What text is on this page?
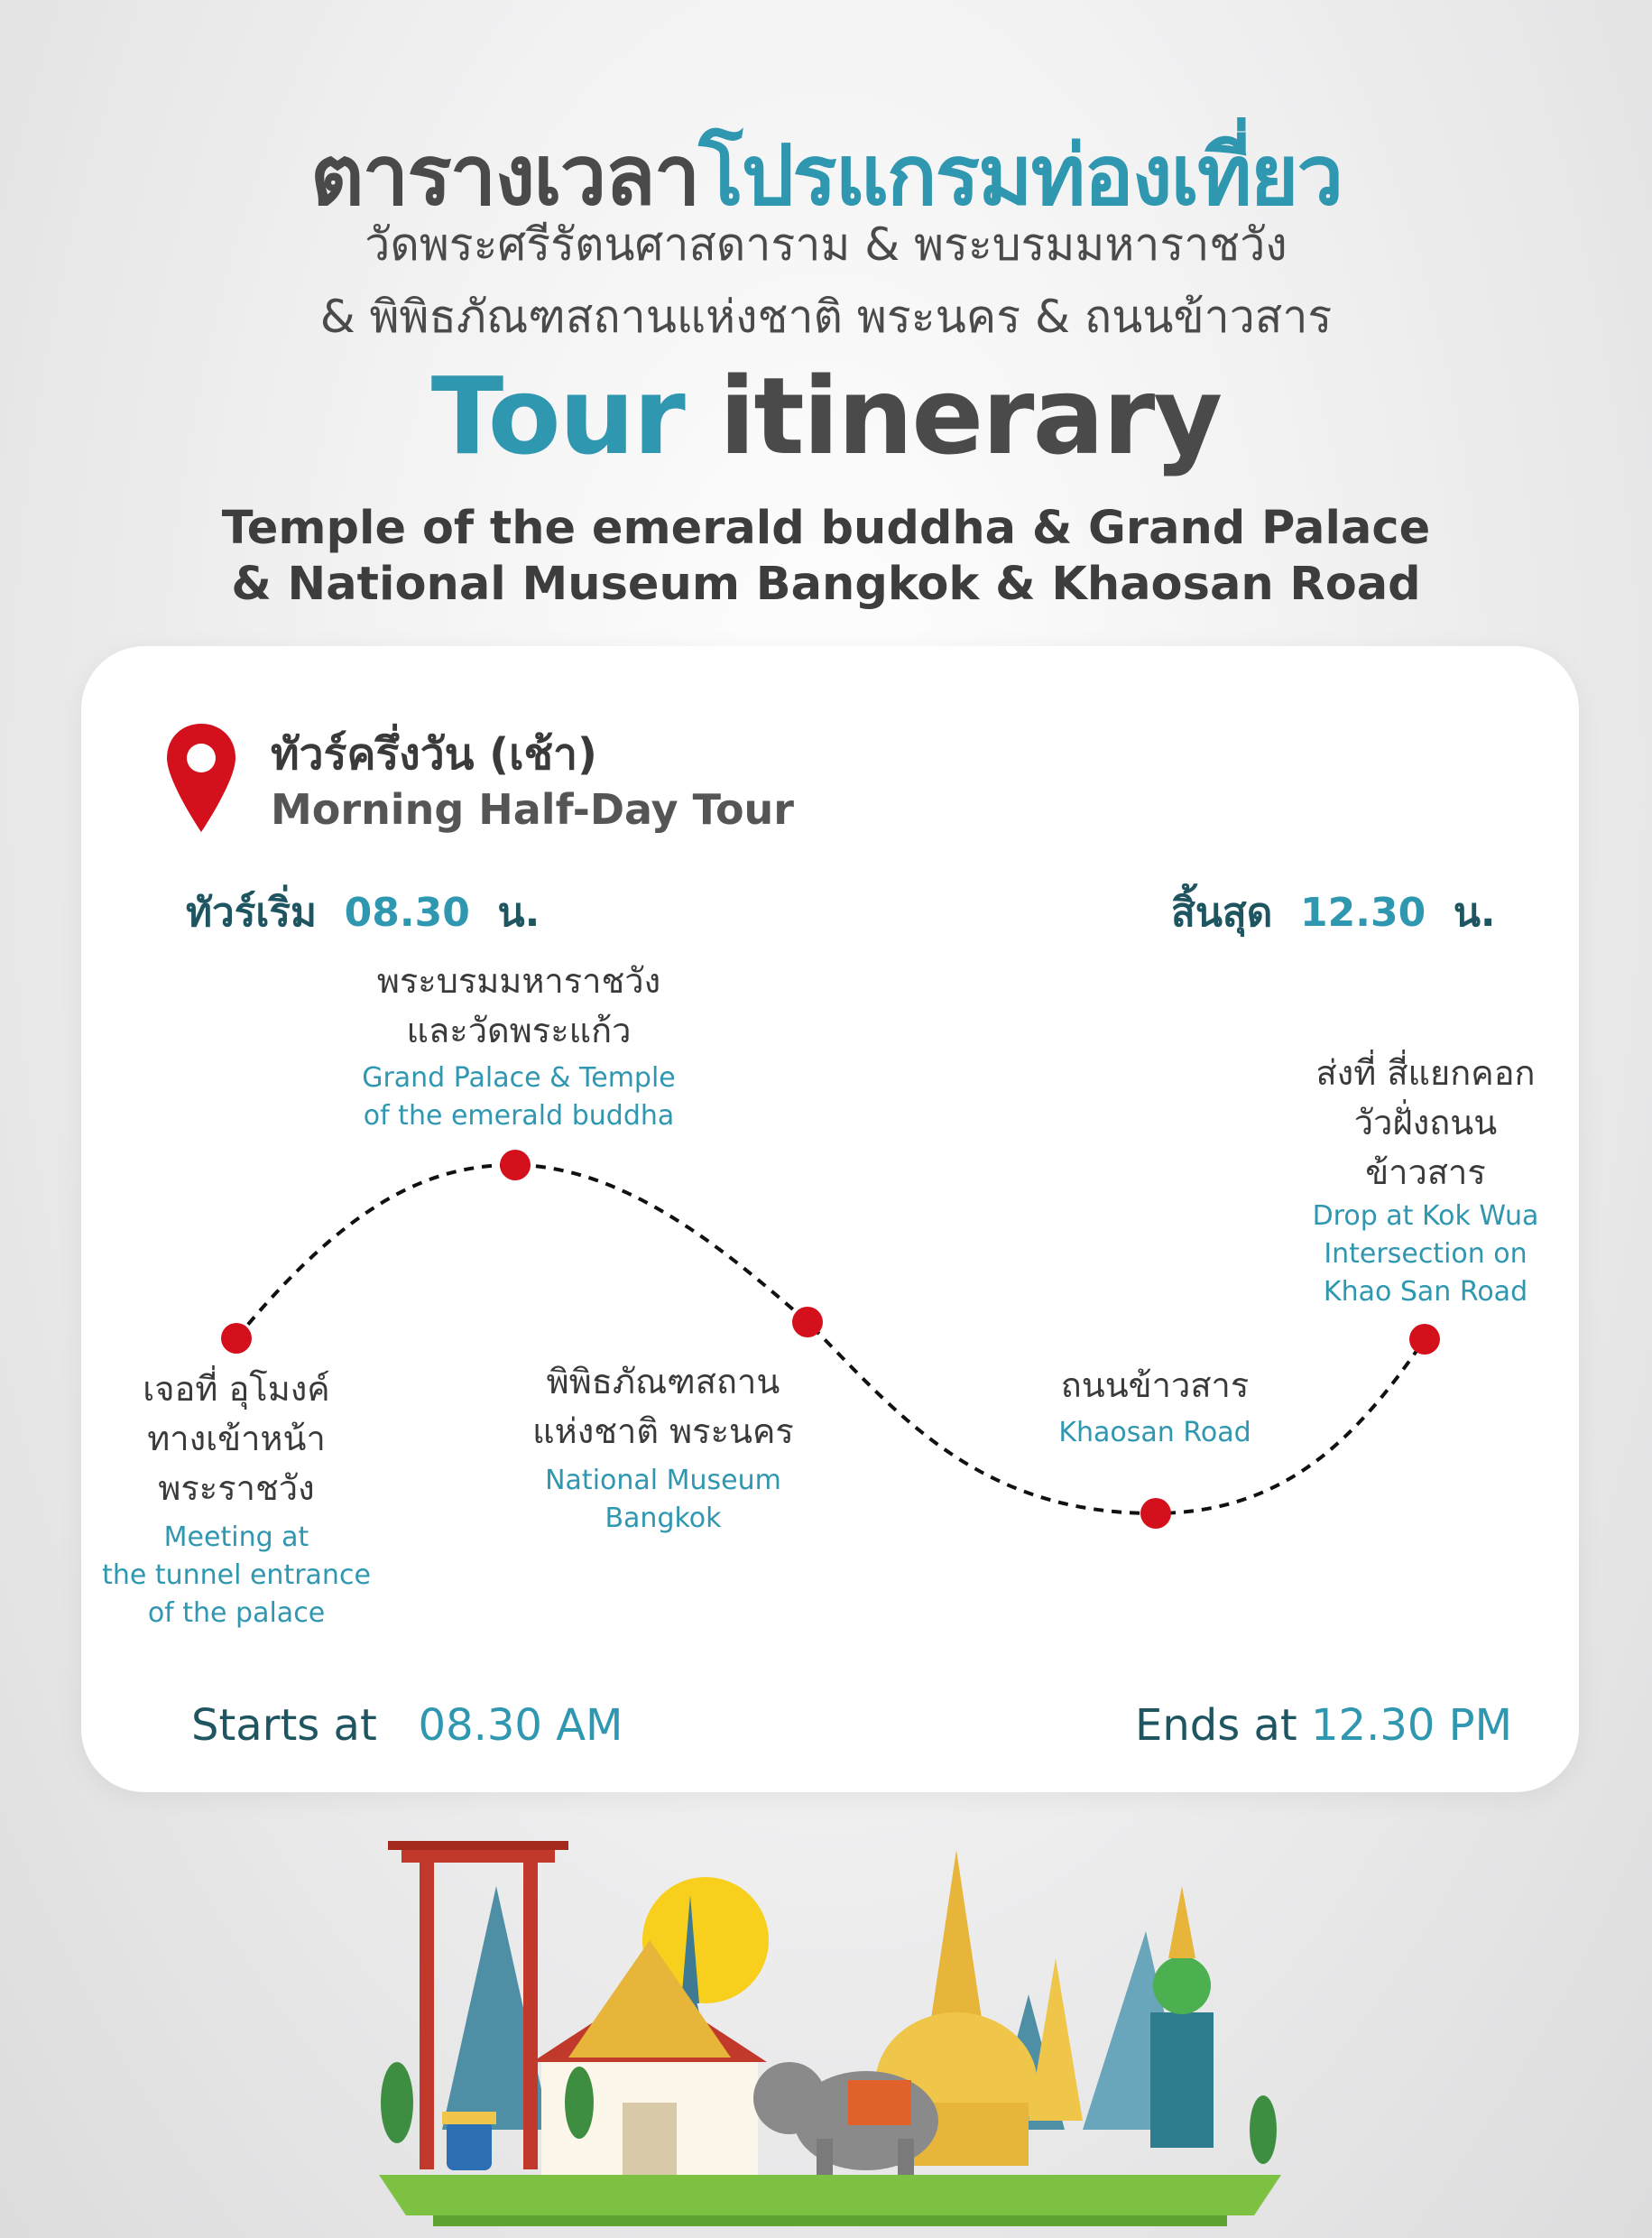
ตารางเวลาโปรแกรมท่องเที่ยว
วัดพระศรีรัตนศาสดาราม & พระบรมมหาราชวัง
& พิพิธภัณฑสถานแห่งชาติ พระนคร & ถนนข้าวสาร
Tour itinerary
Temple of the emerald buddha & Grand Palace
& National Museum Bangkok & Khaosan Road
ทัวร์ครึ่งวัน (เช้า)
Morning Half-Day Tour
ทัวร์เริ่ม 08.30 น.	สิ้นสุด 12.30 น.
เจอที่ อุโมงค์
ทางเข้าหน้า
พระราชวัง
Meeting at
the tunnel entrance
of the palace
พระบรมมหาราชวัง
และวัดพระแก้ว
Grand Palace & Temple
of the emerald buddha
พิพิธภัณฑสถาน
แห่งชาติ พระนคร
National Museum
Bangkok
ถนนข้าวสาร
Khaosan Road
ส่งที่ สี่แยกคอก
วัวฝั่งถนน
ข้าวสาร
Drop at Kok Wua
Intersection on
Khao San Road
Starts at 08.30 AM	Ends at 12.30 PM
